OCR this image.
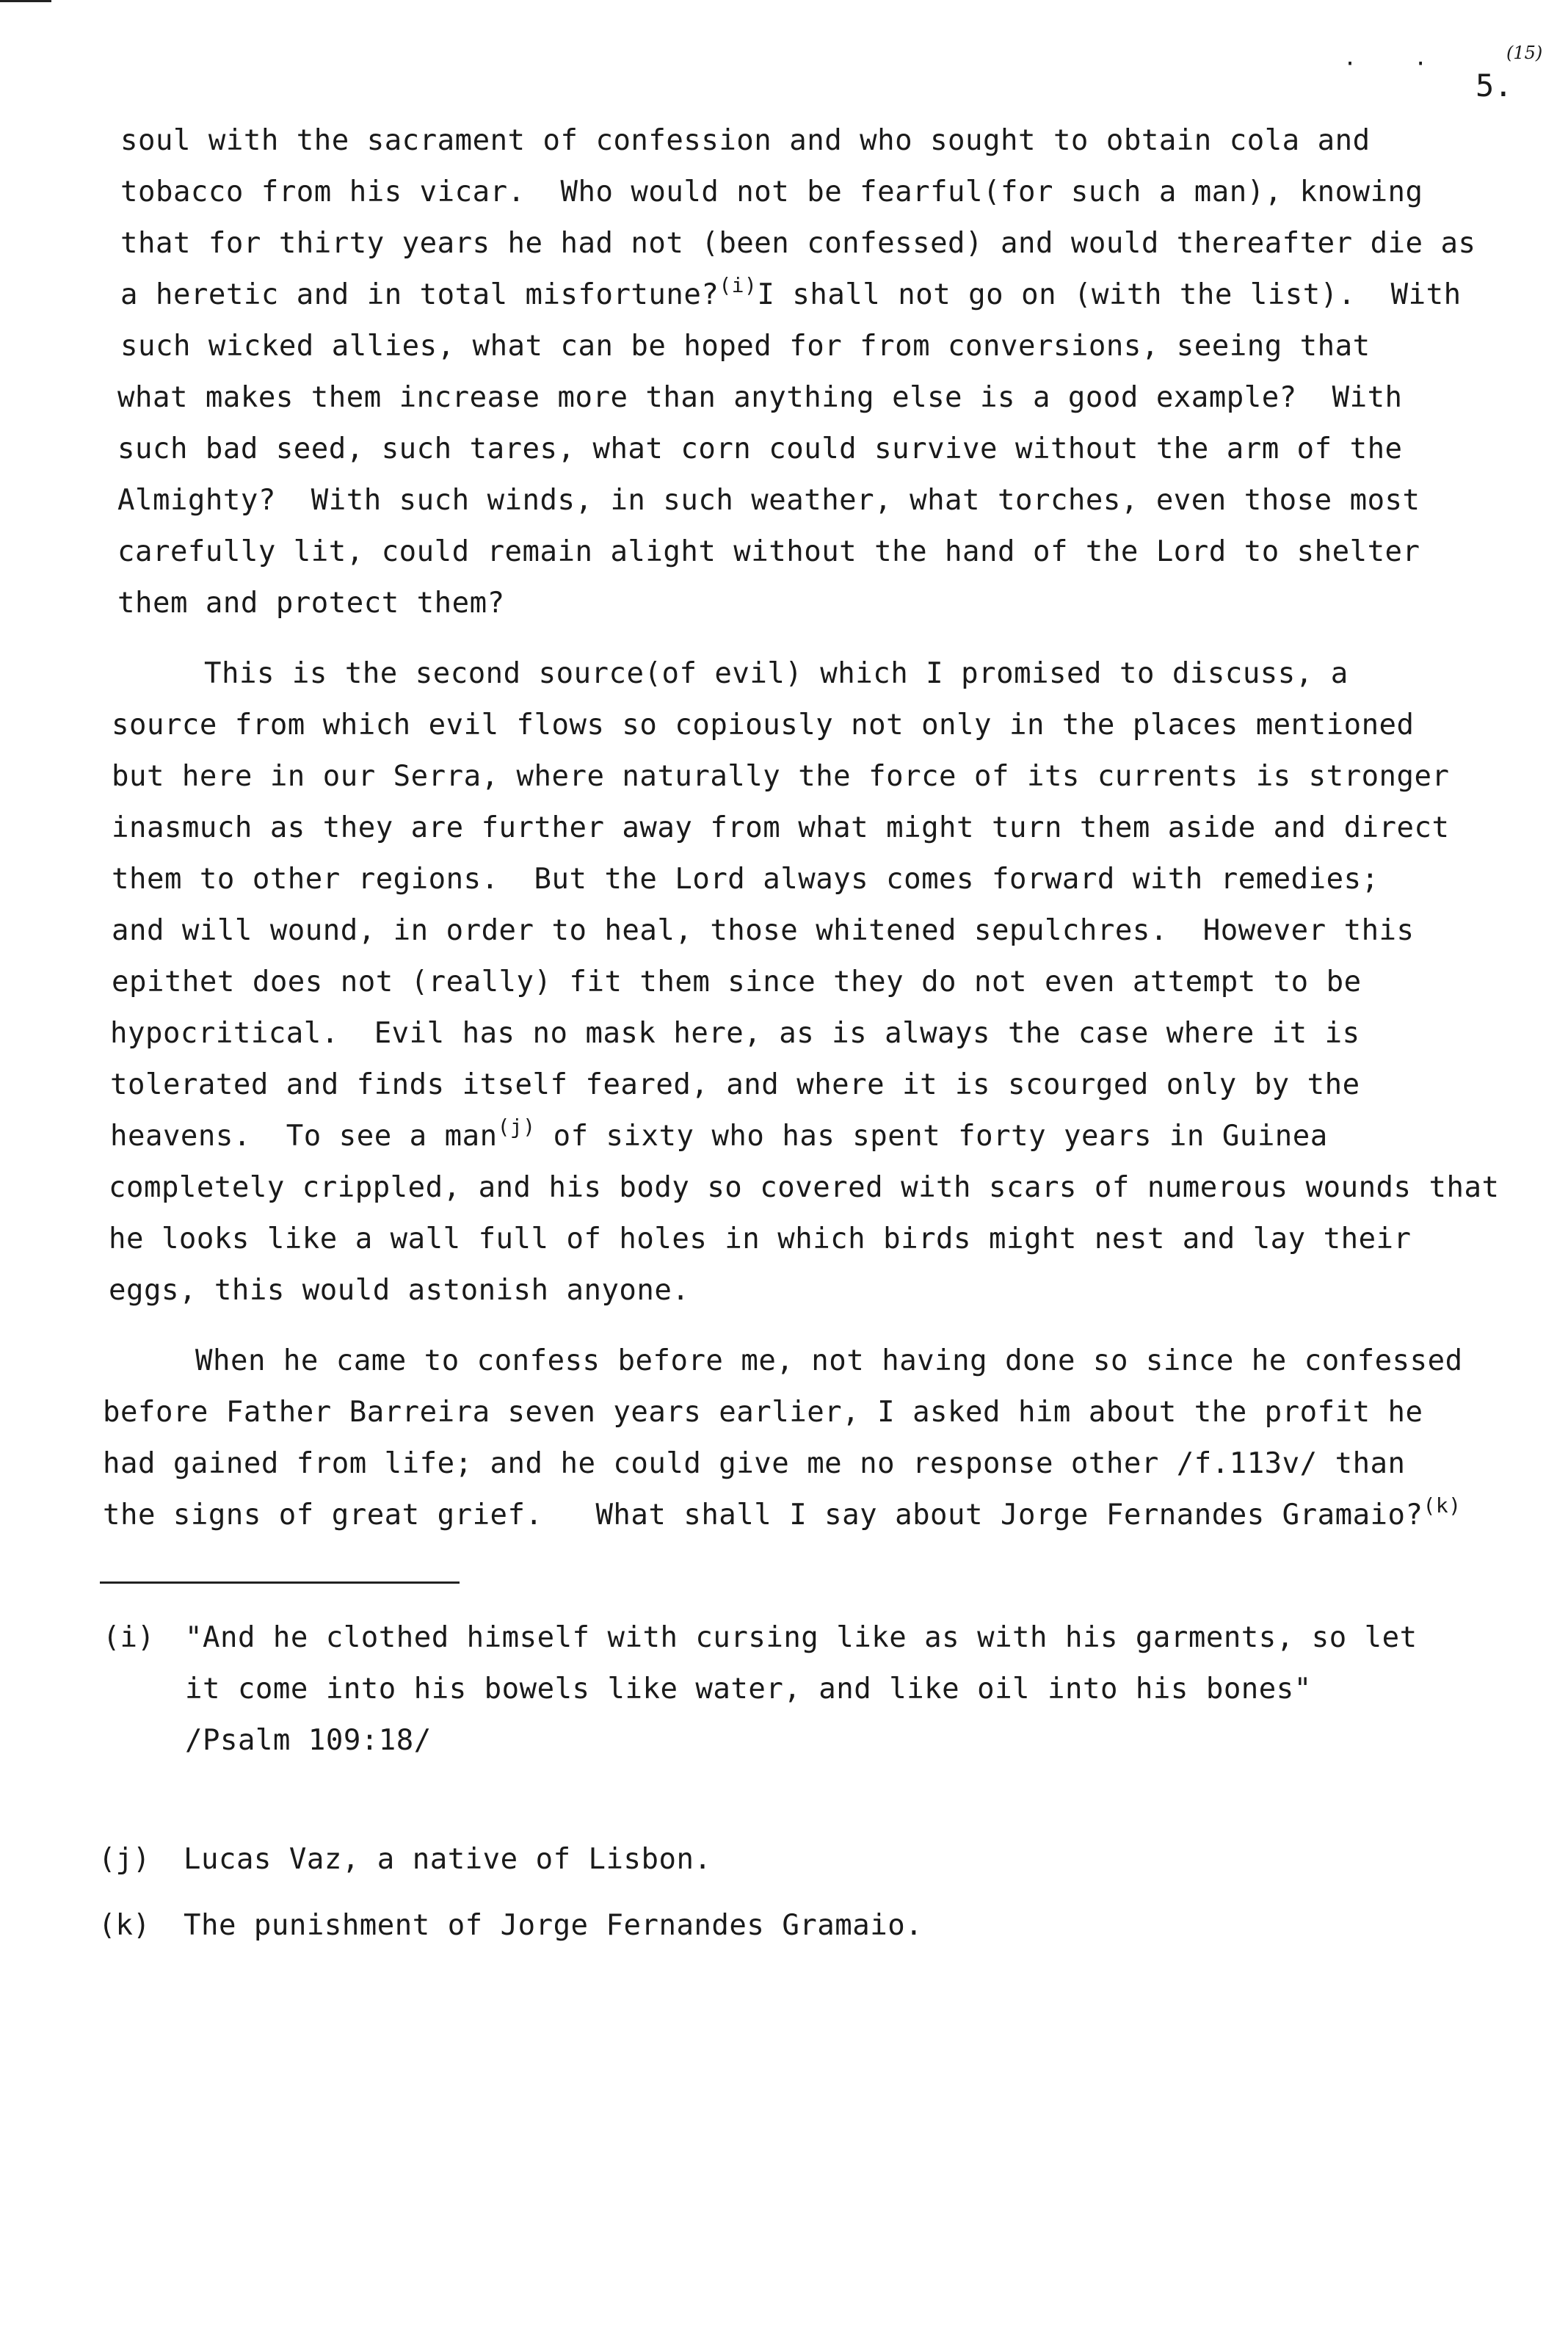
· ·
5.
(15)
soul with the sacrament of confession and who sought to obtain cola and
tobacco from his vicar.  Who would not be fearful(for such a man), knowing
that for thirty years he had not (been confessed) and would thereafter die as
a heretic and in total misfortune?$^{(i)}$I shall not go on (with the list).  With
such wicked allies, what can be hoped for from conversions, seeing that
what makes them increase more than anything else is a good example?  With
such bad seed, such tares, what corn could survive without the arm of the
Almighty?  With such winds, in such weather, what torches, even those most
carefully lit, could remain alight without the hand of the Lord to shelter
them and protect them?
This is the second source(of evil) which I promised to discuss, a
source from which evil flows so copiously not only in the places mentioned
but here in our Serra, where naturally the force of its currents is stronger
inasmuch as they are further away from what might turn them aside and direct
them to other regions.  But the Lord always comes forward with remedies;
and will wound, in order to heal, those whitened sepulchres.  However this
epithet does not (really) fit them since they do not even attempt to be
hypocritical.  Evil has no mask here, as is always the case where it is
tolerated and finds itself feared, and where it is scourged only by the
heavens.  To see a man$^{(j)}$ of sixty who has spent forty years in Guinea
completely crippled, and his body so covered with scars of numerous wounds that
he looks like a wall full of holes in which birds might nest and lay their
eggs, this would astonish anyone.
When he came to confess before me, not having done so since he confessed
before Father Barreira seven years earlier, I asked him about the profit he
had gained from life; and he could give me no response other /f.113v/ than
the signs of great grief.   What shall I say about Jorge Fernandes Gramaio?$^{(k)}$
(i) "And he clothed himself with cursing like as with his garments, so let
it come into his bowels like water, and like oil into his bones"
/Psalm 109:18/
(j) Lucas Vaz, a native of Lisbon.
(k) The punishment of Jorge Fernandes Gramaio.
